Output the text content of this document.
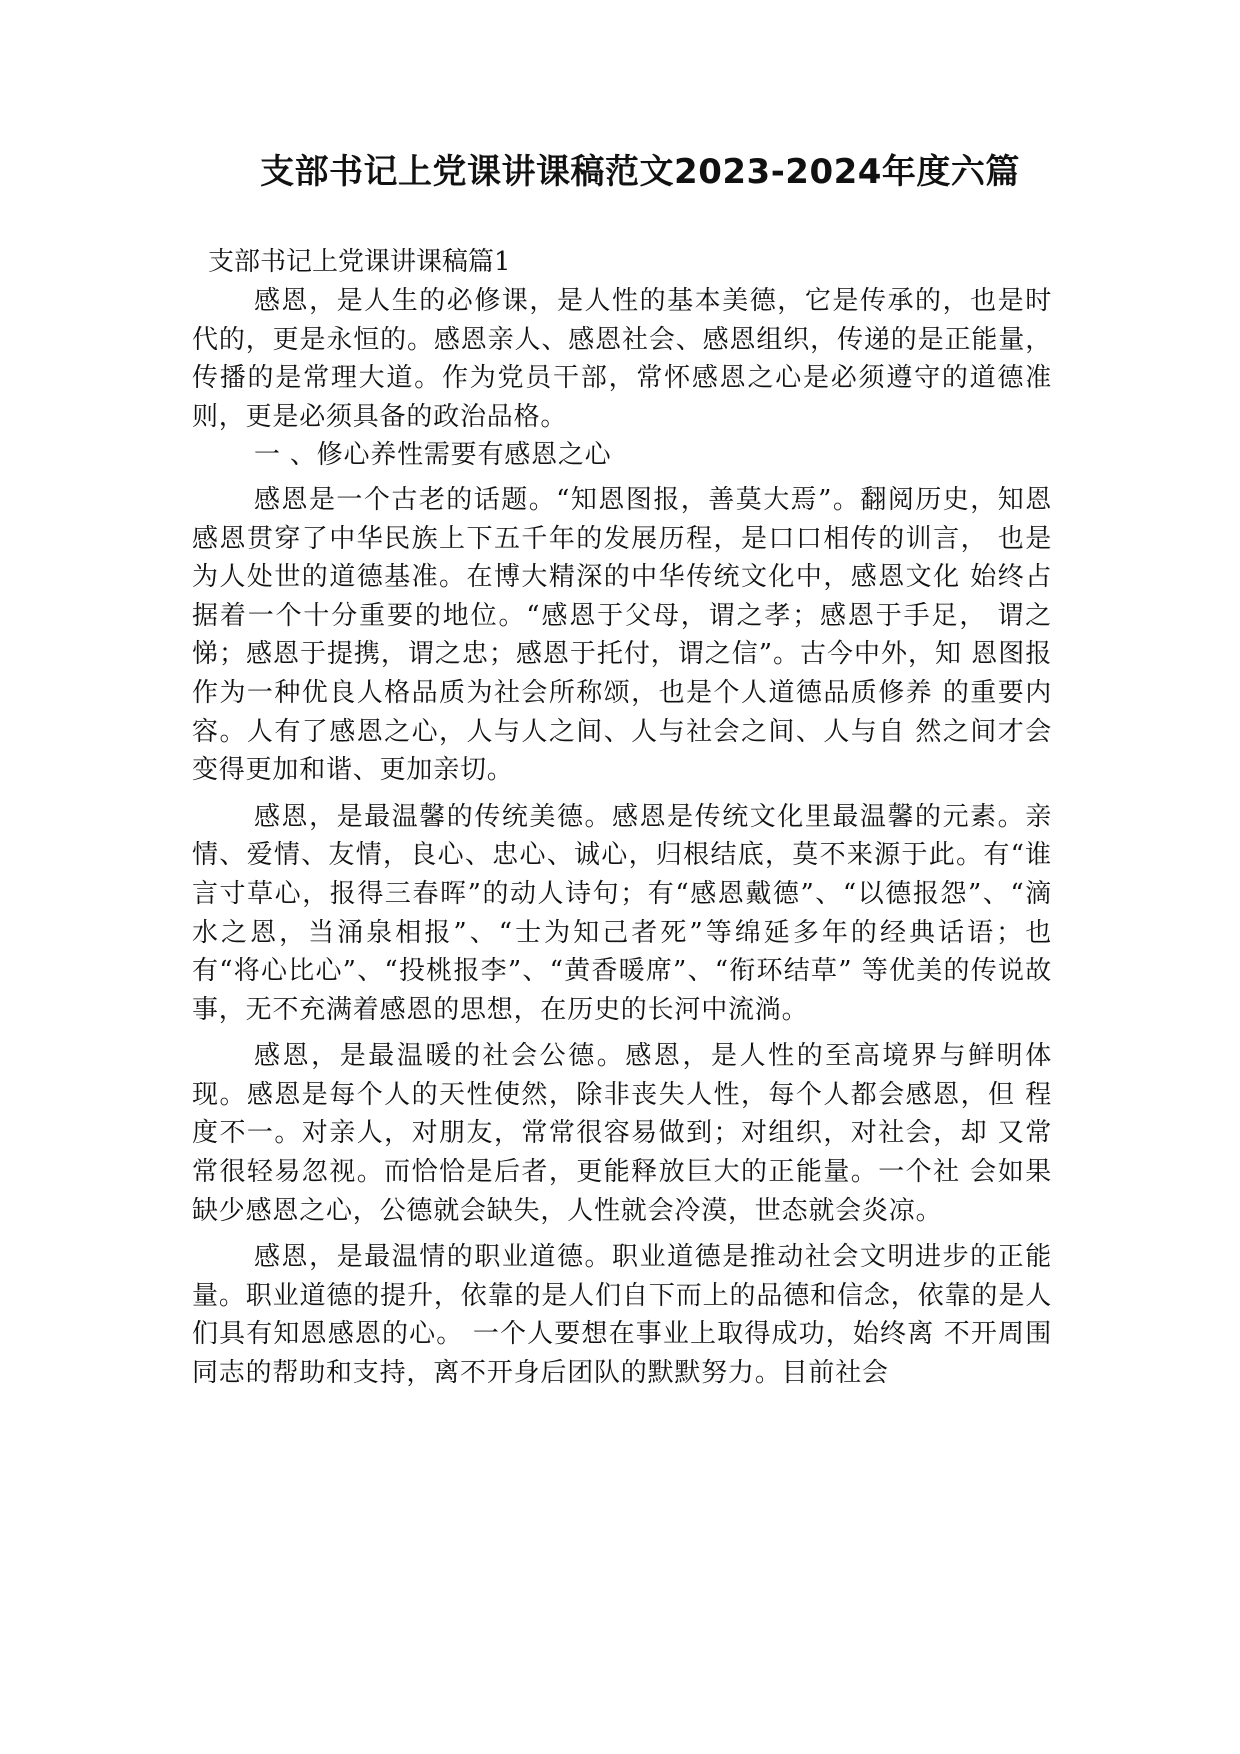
支部书记上党课讲课稿范文2023-2024年度六篇
支部书记上党课讲课稿篇1

感恩，是人生的必修课，是人性的基本美德，它是传承的，也是时代的，更是永恒的。感恩亲人、感恩社会、感恩组织，传递的是正能量，传播的是常理大道。作为党员干部，常怀感恩之心是必须遵守的道德准则，更是必须具备的政治品格。

一 、修心养性需要有感恩之心

感恩是一个古老的话题。“知恩图报，善莫大焉”。翻阅历史，知恩感恩贯穿了中华民族上下五千年的发展历程，是口口相传的训言， 也是为人处世的道德基准。在博大精深的中华传统文化中，感恩文化 始终占据着一个十分重要的地位。“感恩于父母，谓之孝；感恩于手足， 谓之悌；感恩于提携，谓之忠；感恩于托付，谓之信”。古今中外，知 恩图报作为一种优良人格品质为社会所称颂，也是个人道德品质修养 的重要内容。人有了感恩之心，人与人之间、人与社会之间、人与自 然之间才会变得更加和谐、更加亲切。

感恩，是最温馨的传统美德。感恩是传统文化里最温馨的元素。亲情、爱情、友情，良心、忠心、诚心，归根结底，莫不来源于此。有“谁言寸草心，报得三春晖”的动人诗句；有“感恩戴德”、“以德报怨”、“滴水之恩，当涌泉相报”、“士为知己者死”等绵延多年的经典话语；也有“将心比心”、“投桃报李”、“黄香暖席”、“衔环结草” 等优美的传说故事，无不充满着感恩的思想，在历史的长河中流淌。

感恩，是最温暖的社会公德。感恩，是人性的至高境界与鲜明体现。感恩是每个人的天性使然，除非丧失人性，每个人都会感恩，但 程度不一。对亲人，对朋友，常常很容易做到；对组织，对社会，却 又常常很轻易忽视。而恰恰是后者，更能释放巨大的正能量。一个社 会如果缺少感恩之心，公德就会缺失，人性就会冷漠，世态就会炎凉。

感恩，是最温情的职业道德。职业道德是推动社会文明进步的正能量。职业道德的提升，依靠的是人们自下而上的品德和信念，依靠的是人们具有知恩感恩的心。 一个人要想在事业上取得成功，始终离 不开周围同志的帮助和支持，离不开身后团队的默默努力。目前社会
